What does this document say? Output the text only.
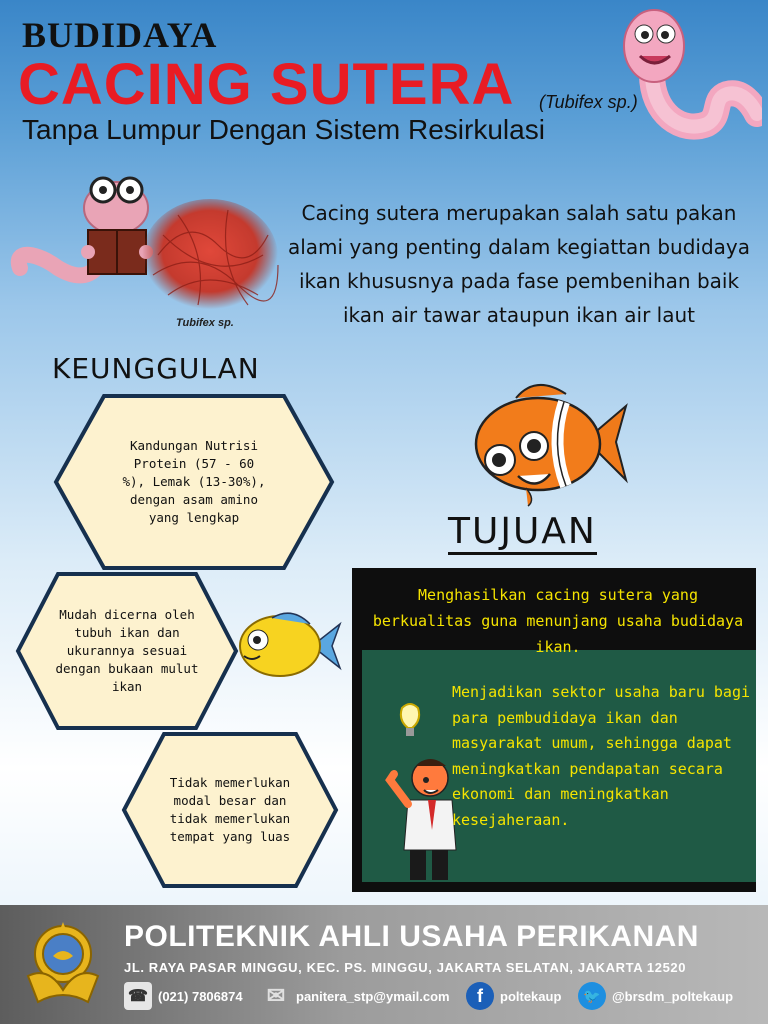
BUDIDAYA
CACING SUTERA (Tubifex sp.)
Tanpa Lumpur Dengan Sistem Resirkulasi
Tubifex sp.
Cacing sutera merupakan salah satu pakan alami yang penting dalam kegiattan budidaya ikan khususnya pada fase pembenihan baik ikan air tawar ataupun ikan air laut
KEUNGGULAN
Kandungan Nutrisi Protein (57 - 60 %), Lemak (13-30%), dengan asam amino yang lengkap
Mudah dicerna oleh tubuh ikan dan ukurannya sesuai dengan bukaan mulut ikan
Tidak memerlukan modal besar dan tidak memerlukan tempat yang luas
TUJUAN
Menghasilkan cacing sutera yang berkualitas guna menunjang usaha budidaya ikan.
Menjadikan sektor usaha baru bagi para pembudidaya ikan dan masyarakat umum, sehingga dapat meningkatkan pendapatan secara ekonomi dan meningkatkan kesejaheraan.
POLITEKNIK AHLI USAHA PERIKANAN
JL. RAYA PASAR MINGGU, KEC. PS. MINGGU, JAKARTA SELATAN, JAKARTA 12520
☎ (021) 7806874 ✉ panitera_stp@ymail.com	f	poltekaup	🐦 @brsdm_poltekaup
